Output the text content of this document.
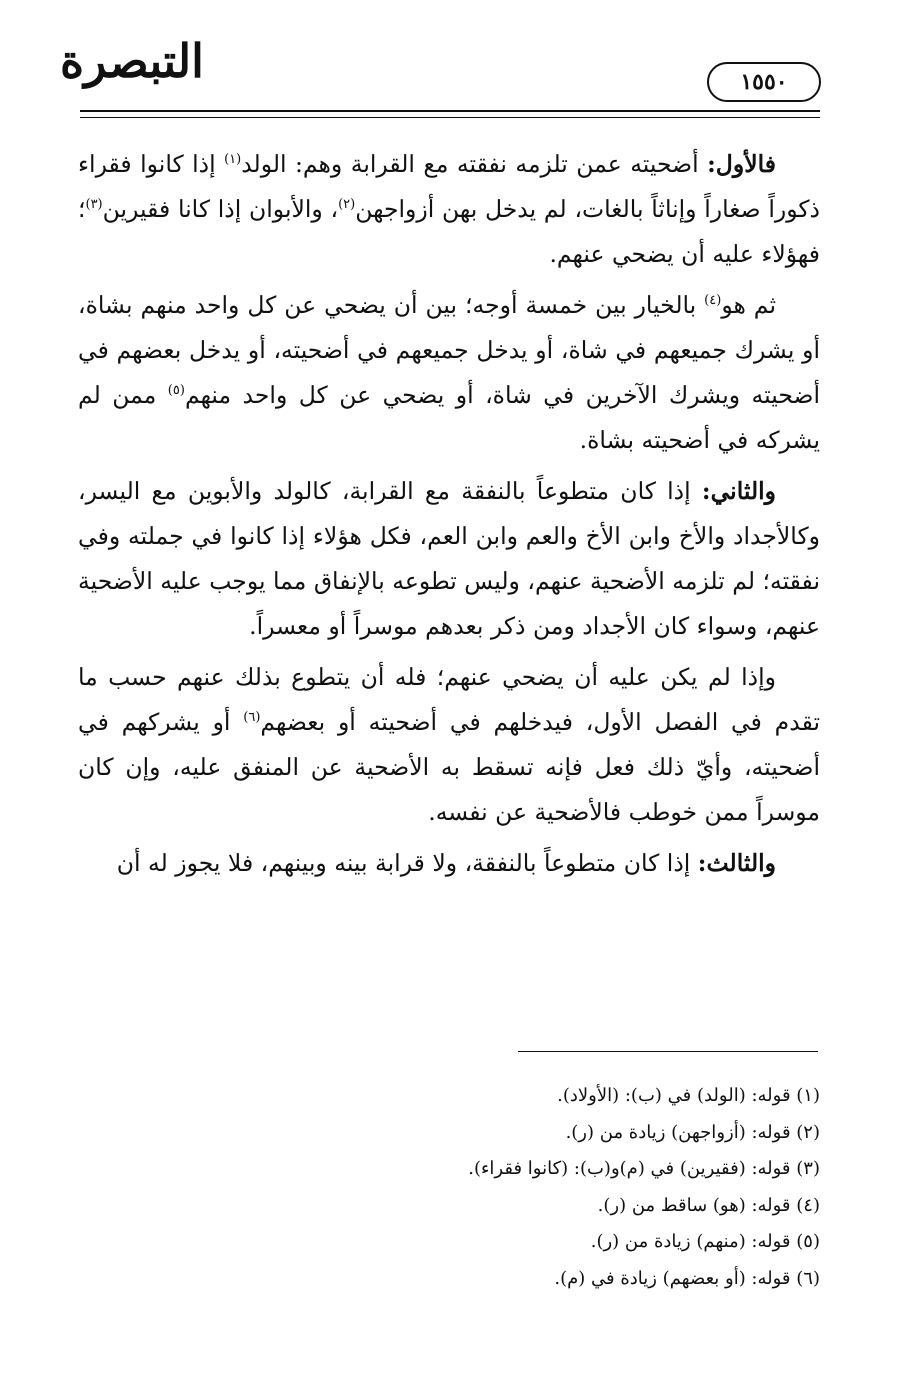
التبصرة	١٥٥٠

فالأول: أضحيته عمن تلزمه نفقته مع القرابة وهم: الولد$^{(١)}$ إذا كانوا فقراء ذكوراً صغاراً وإناثاً بالغات، لم يدخل بهن أزواجهن$^{(٢)}$، والأبوان إذا كانا فقيرين$^{(٣)}$؛ فهؤلاء عليه أن يضحي عنهم.

ثم هو$^{(٤)}$ بالخيار بين خمسة أوجه؛ بين أن يضحي عن كل واحد منهم بشاة، أو يشرك جميعهم في شاة، أو يدخل جميعهم في أضحيته، أو يدخل بعضهم في أضحيته ويشرك الآخرين في شاة، أو يضحي عن كل واحد منهم$^{(٥)}$ ممن لم يشركه في أضحيته بشاة.

والثاني: إذا كان متطوعاً بالنفقة مع القرابة، كالولد والأبوين مع اليسر، وكالأجداد والأخ وابن الأخ والعم وابن العم، فكل هؤلاء إذا كانوا في جملته وفي نفقته؛ لم تلزمه الأضحية عنهم، وليس تطوعه بالإنفاق مما يوجب عليه الأضحية عنهم، وسواء كان الأجداد ومن ذكر بعدهم موسراً أو معسراً.

وإذا لم يكن عليه أن يضحي عنهم؛ فله أن يتطوع بذلك عنهم حسب ما تقدم في الفصل الأول، فيدخلهم في أضحيته أو بعضهم$^{(٦)}$ أو يشركهم في أضحيته، وأيّ ذلك فعل فإنه تسقط به الأضحية عن المنفق عليه، وإن كان موسراً ممن خوطب فالأضحية عن نفسه.

والثالث: إذا كان متطوعاً بالنفقة، ولا قرابة بينه وبينهم، فلا يجوز له أن

(١) قوله: (الولد) في (ب): (الأولاد).
(٢) قوله: (أزواجهن) زيادة من (ر).
(٣) قوله: (فقيرين) في (م)و(ب): (كانوا فقراء).
(٤) قوله: (هو) ساقط من (ر).
(٥) قوله: (منهم) زيادة من (ر).
(٦) قوله: (أو بعضهم) زيادة في (م).
